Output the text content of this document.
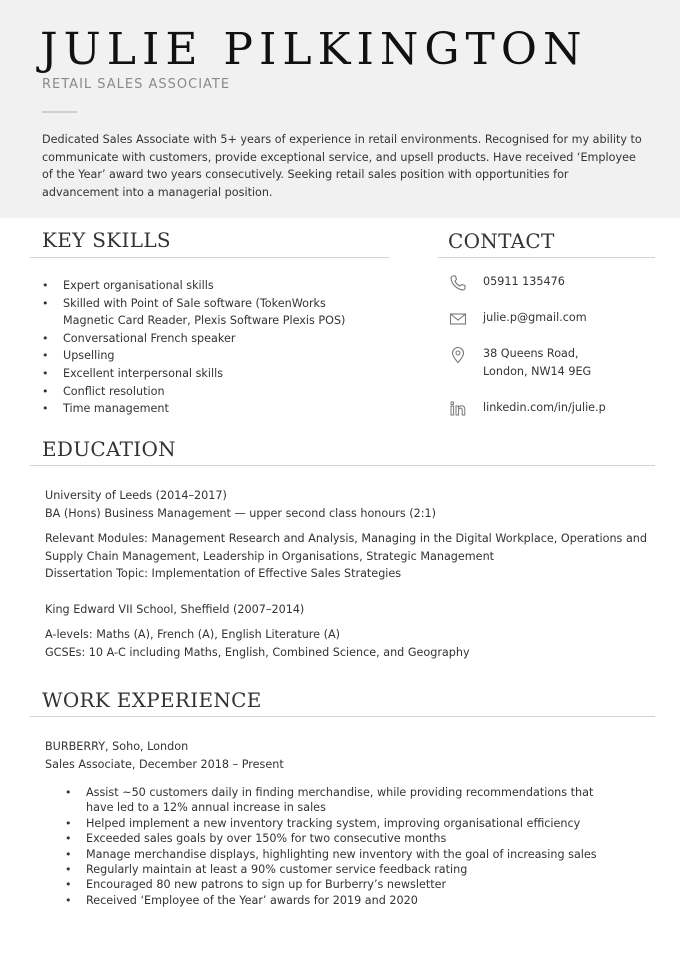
JULIE PILKINGTON
RETAIL SALES ASSOCIATE

Dedicated Sales Associate with 5+ years of experience in retail environments. Recognised for my ability to communicate with customers, provide exceptional service, and upsell products. Have received ‘Employee of the Year’ award two years consecutively. Seeking retail sales position with opportunities for advancement into a managerial position.

KEY SKILLS
• Expert organisational skills
• Skilled with Point of Sale software (TokenWorks Magnetic Card Reader, Plexis Software Plexis POS)
• Conversational French speaker
• Upselling
• Excellent interpersonal skills
• Conflict resolution
• Time management
CONTACT
05911 135476
julie.p@gmail.com
38 Queens Road,
London, NW14 9EG
linkedin.com/in/julie.p
EDUCATION
University of Leeds (2014–2017)
BA (Hons) Business Management — upper second class honours (2:1)
Relevant Modules: Management Research and Analysis, Managing in the Digital Workplace, Operations and
Supply Chain Management, Leadership in Organisations, Strategic Management
Dissertation Topic: Implementation of Effective Sales Strategies
King Edward VII School, Sheffield (2007–2014)
A-levels: Maths (A), French (A), English Literature (A)
GCSEs: 10 A-C including Maths, English, Combined Science, and Geography
WORK EXPERIENCE
BURBERRY, Soho, London
Sales Associate, December 2018 – Present
• Assist ~50 customers daily in finding merchandise, while providing recommendations that have led to a 12% annual increase in sales
• Helped implement a new inventory tracking system, improving organisational efficiency
• Exceeded sales goals by over 150% for two consecutive months
• Manage merchandise displays, highlighting new inventory with the goal of increasing sales
• Regularly maintain at least a 90% customer service feedback rating
• Encouraged 80 new patrons to sign up for Burberry’s newsletter
• Received ‘Employee of the Year’ awards for 2019 and 2020
